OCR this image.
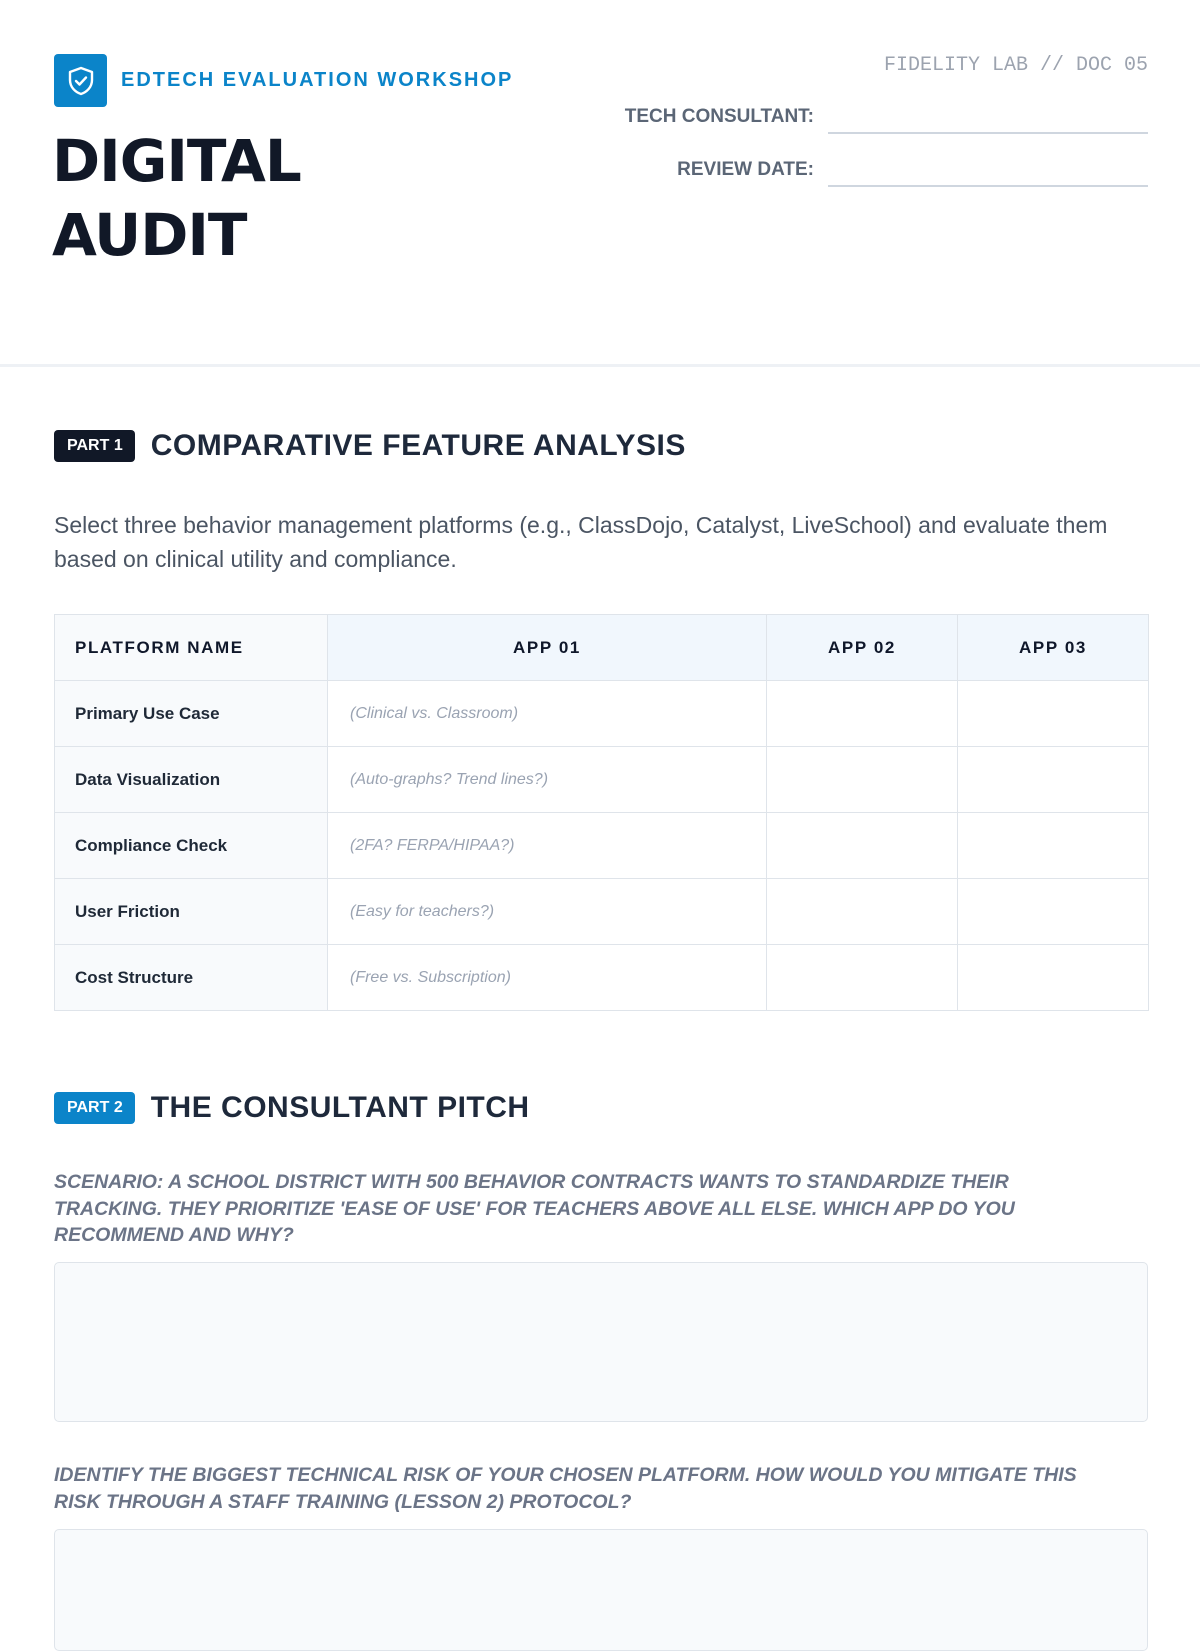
EDTECH EVALUATION WORKSHOP
DIGITAL
AUDIT
FIDELITY LAB // DOC 05
TECH CONSULTANT:
REVIEW DATE:
PART 1 COMPARATIVE FEATURE ANALYSIS

Select three behavior management platforms (e.g., ClassDojo, Catalyst, LiveSchool) and evaluate them based on clinical utility and compliance.

PLATFORM NAME	APP 01	APP 02	APP 03
Primary Use Case	(Clinical vs. Classroom)		
Data Visualization	(Auto-graphs? Trend lines?)		
Compliance Check	(2FA? FERPA/HIPAA?)		
User Friction	(Easy for teachers?)		
Cost Structure	(Free vs. Subscription)		
PART 2 THE CONSULTANT PITCH

SCENARIO: A SCHOOL DISTRICT WITH 500 BEHAVIOR CONTRACTS WANTS TO STANDARDIZE THEIR TRACKING. THEY PRIORITIZE 'EASE OF USE' FOR TEACHERS ABOVE ALL ELSE. WHICH APP DO YOU RECOMMEND AND WHY?

IDENTIFY THE BIGGEST TECHNICAL RISK OF YOUR CHOSEN PLATFORM. HOW WOULD YOU MITIGATE THIS RISK THROUGH A STAFF TRAINING (LESSON 2) PROTOCOL?
